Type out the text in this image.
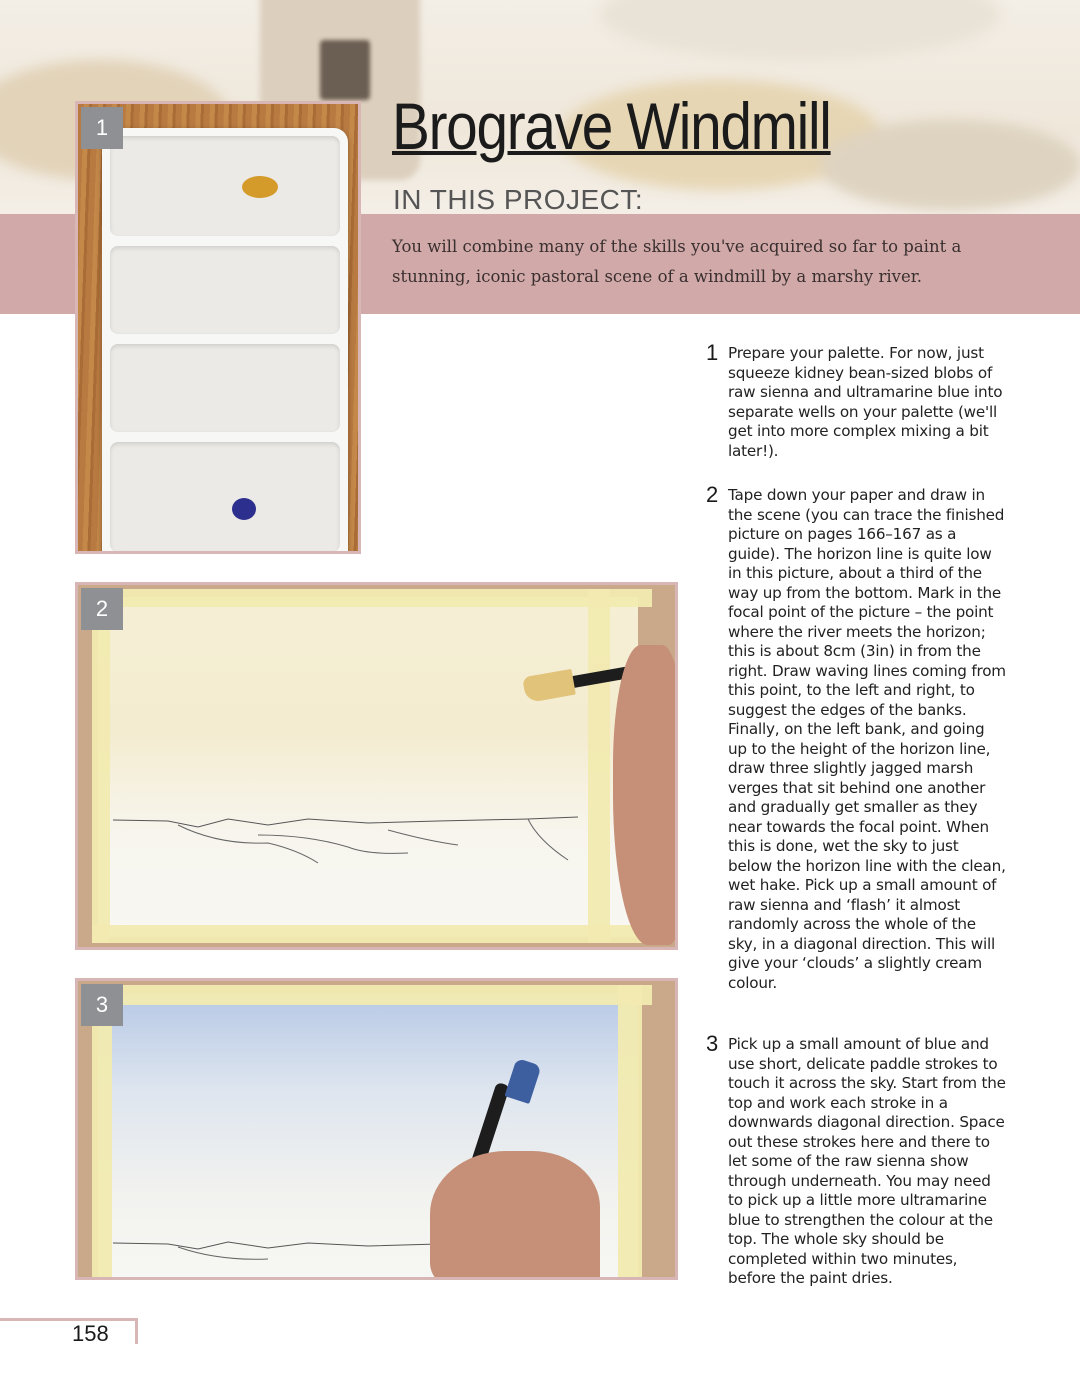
Brograve Windmill
IN THIS PROJECT:

You will combine many of the skills you've acquired so far to paint a stunning, iconic pastoral scene of a windmill by a marshy river.

1
2
3
1 Prepare your palette. For now, just squeeze kidney bean-sized blobs of raw sienna and ultramarine blue into separate wells on your palette (we'll get into more complex mixing a bit later!).

2 Tape down your paper and draw in the scene (you can trace the finished picture on pages 166–167 as a guide). The horizon line is quite low in this picture, about a third of the way up from the bottom. Mark in the focal point of the picture – the point where the river meets the horizon; this is about 8cm (3in) in from the right. Draw waving lines coming from this point, to the left and right, to suggest the edges of the banks. Finally, on the left bank, and going up to the height of the horizon line, draw three slightly jagged marsh verges that sit behind one another and gradually get smaller as they near towards the focal point. When this is done, wet the sky to just below the horizon line with the clean, wet hake. Pick up a small amount of raw sienna and ‘flash’ it almost randomly across the whole of the sky, in a diagonal direction. This will give your ‘clouds’ a slightly cream colour.

3 Pick up a small amount of blue and use short, delicate paddle strokes to touch it across the sky. Start from the top and work each stroke in a downwards diagonal direction. Space out these strokes here and there to let some of the raw sienna show through underneath. You may need to pick up a little more ultramarine blue to strengthen the colour at the top. The whole sky should be completed within two minutes, before the paint dries.

158
